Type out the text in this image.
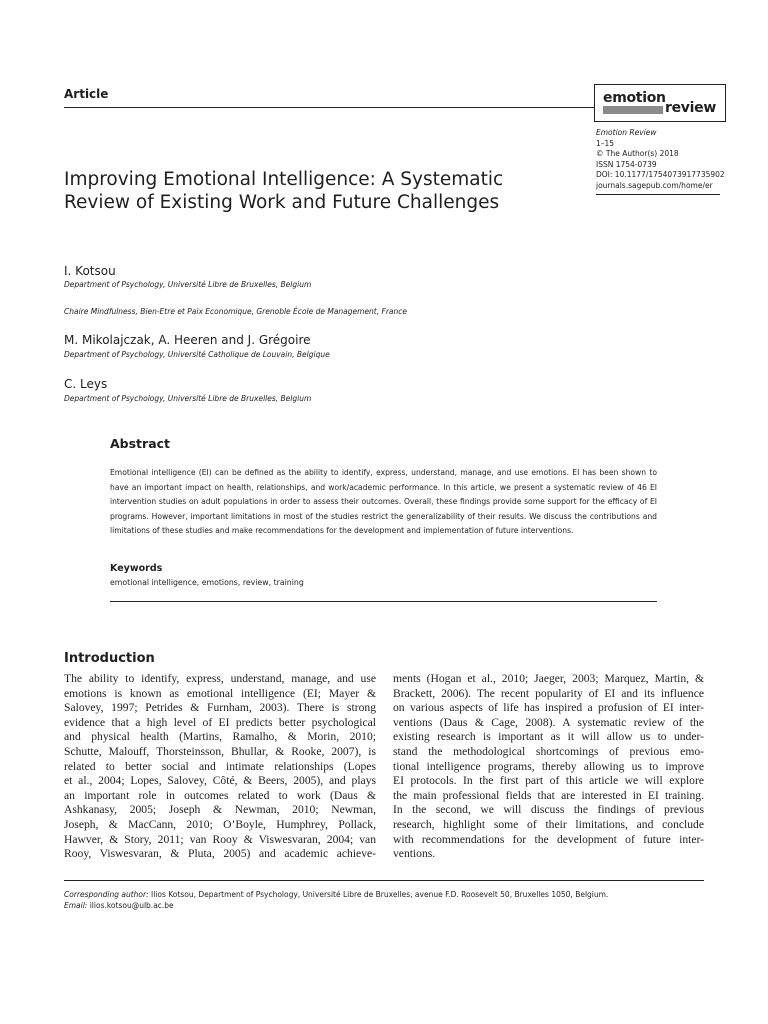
Article	emotion
review
Emotion Review
1–15
© The Author(s) 2018
ISSN 1754-0739
DOI: 10.1177/1754073917735902
journals.sagepub.com/home/er
Improving Emotional Intelligence: A Systematic
Review of Existing Work and Future Challenges
I. Kotsou
Department of Psychology, Université Libre de Bruxelles, Belgium
Chaire Mindfulness, Bien-Etre et Paix Economique, Grenoble École de Management, France
M. Mikolajczak, A. Heeren and J. Grégoire
Department of Psychology, Université Catholique de Louvain, Belgique
C. Leys
Department of Psychology, Université Libre de Bruxelles, Belgium
Abstract
Emotional intelligence (EI) can be defined as the ability to identify, express, understand, manage, and use emotions. EI has been shown to have an important impact on health, relationships, and work/academic performance. In this article, we present a systematic review of 46 EI intervention studies on adult populations in order to assess their outcomes. Overall, these findings provide some support for the efficacy of EI programs. However, important limitations in most of the studies restrict the generalizability of their results. We discuss the contributions and limitations of these studies and make recommendations for the development and implementation of future interventions.
Keywords
emotional intelligence, emotions, review, training
Introduction
The ability to identify, express, understand, manage, and use
emotions is known as emotional intelligence (EI; Mayer &
Salovey, 1997; Petrides & Furnham, 2003). There is strong
evidence that a high level of EI predicts better psychological
and physical health (Martins, Ramalho, & Morin, 2010;
Schutte, Malouff, Thorsteinsson, Bhullar, & Rooke, 2007), is
related to better social and intimate relationships (Lopes
et al., 2004; Lopes, Salovey, Côté, & Beers, 2005), and plays
an important role in outcomes related to work (Daus &
Ashkanasy, 2005; Joseph & Newman, 2010; Newman,
Joseph, & MacCann, 2010; O’Boyle, Humphrey, Pollack,
Hawver, & Story, 2011; van Rooy & Viswesvaran, 2004; van
Rooy, Viswesvaran, & Pluta, 2005) and academic achieve-
ments (Hogan et al., 2010; Jaeger, 2003; Marquez, Martin, &
Brackett, 2006). The recent popularity of EI and its influence
on various aspects of life has inspired a profusion of EI inter-
ventions (Daus & Cage, 2008). A systematic review of the
existing research is important as it will allow us to under-
stand the methodological shortcomings of previous emo-
tional intelligence programs, thereby allowing us to improve
EI protocols. In the first part of this article we will explore
the main professional fields that are interested in EI training.
In the second, we will discuss the findings of previous
research, highlight some of their limitations, and conclude
with recommendations for the development of future inter-
ventions.
Corresponding author: Ilios Kotsou, Department of Psychology, Université Libre de Bruxelles, avenue F.D. Roosevelt 50, Bruxelles 1050, Belgium.
Email: ilios.kotsou@ulb.ac.be
